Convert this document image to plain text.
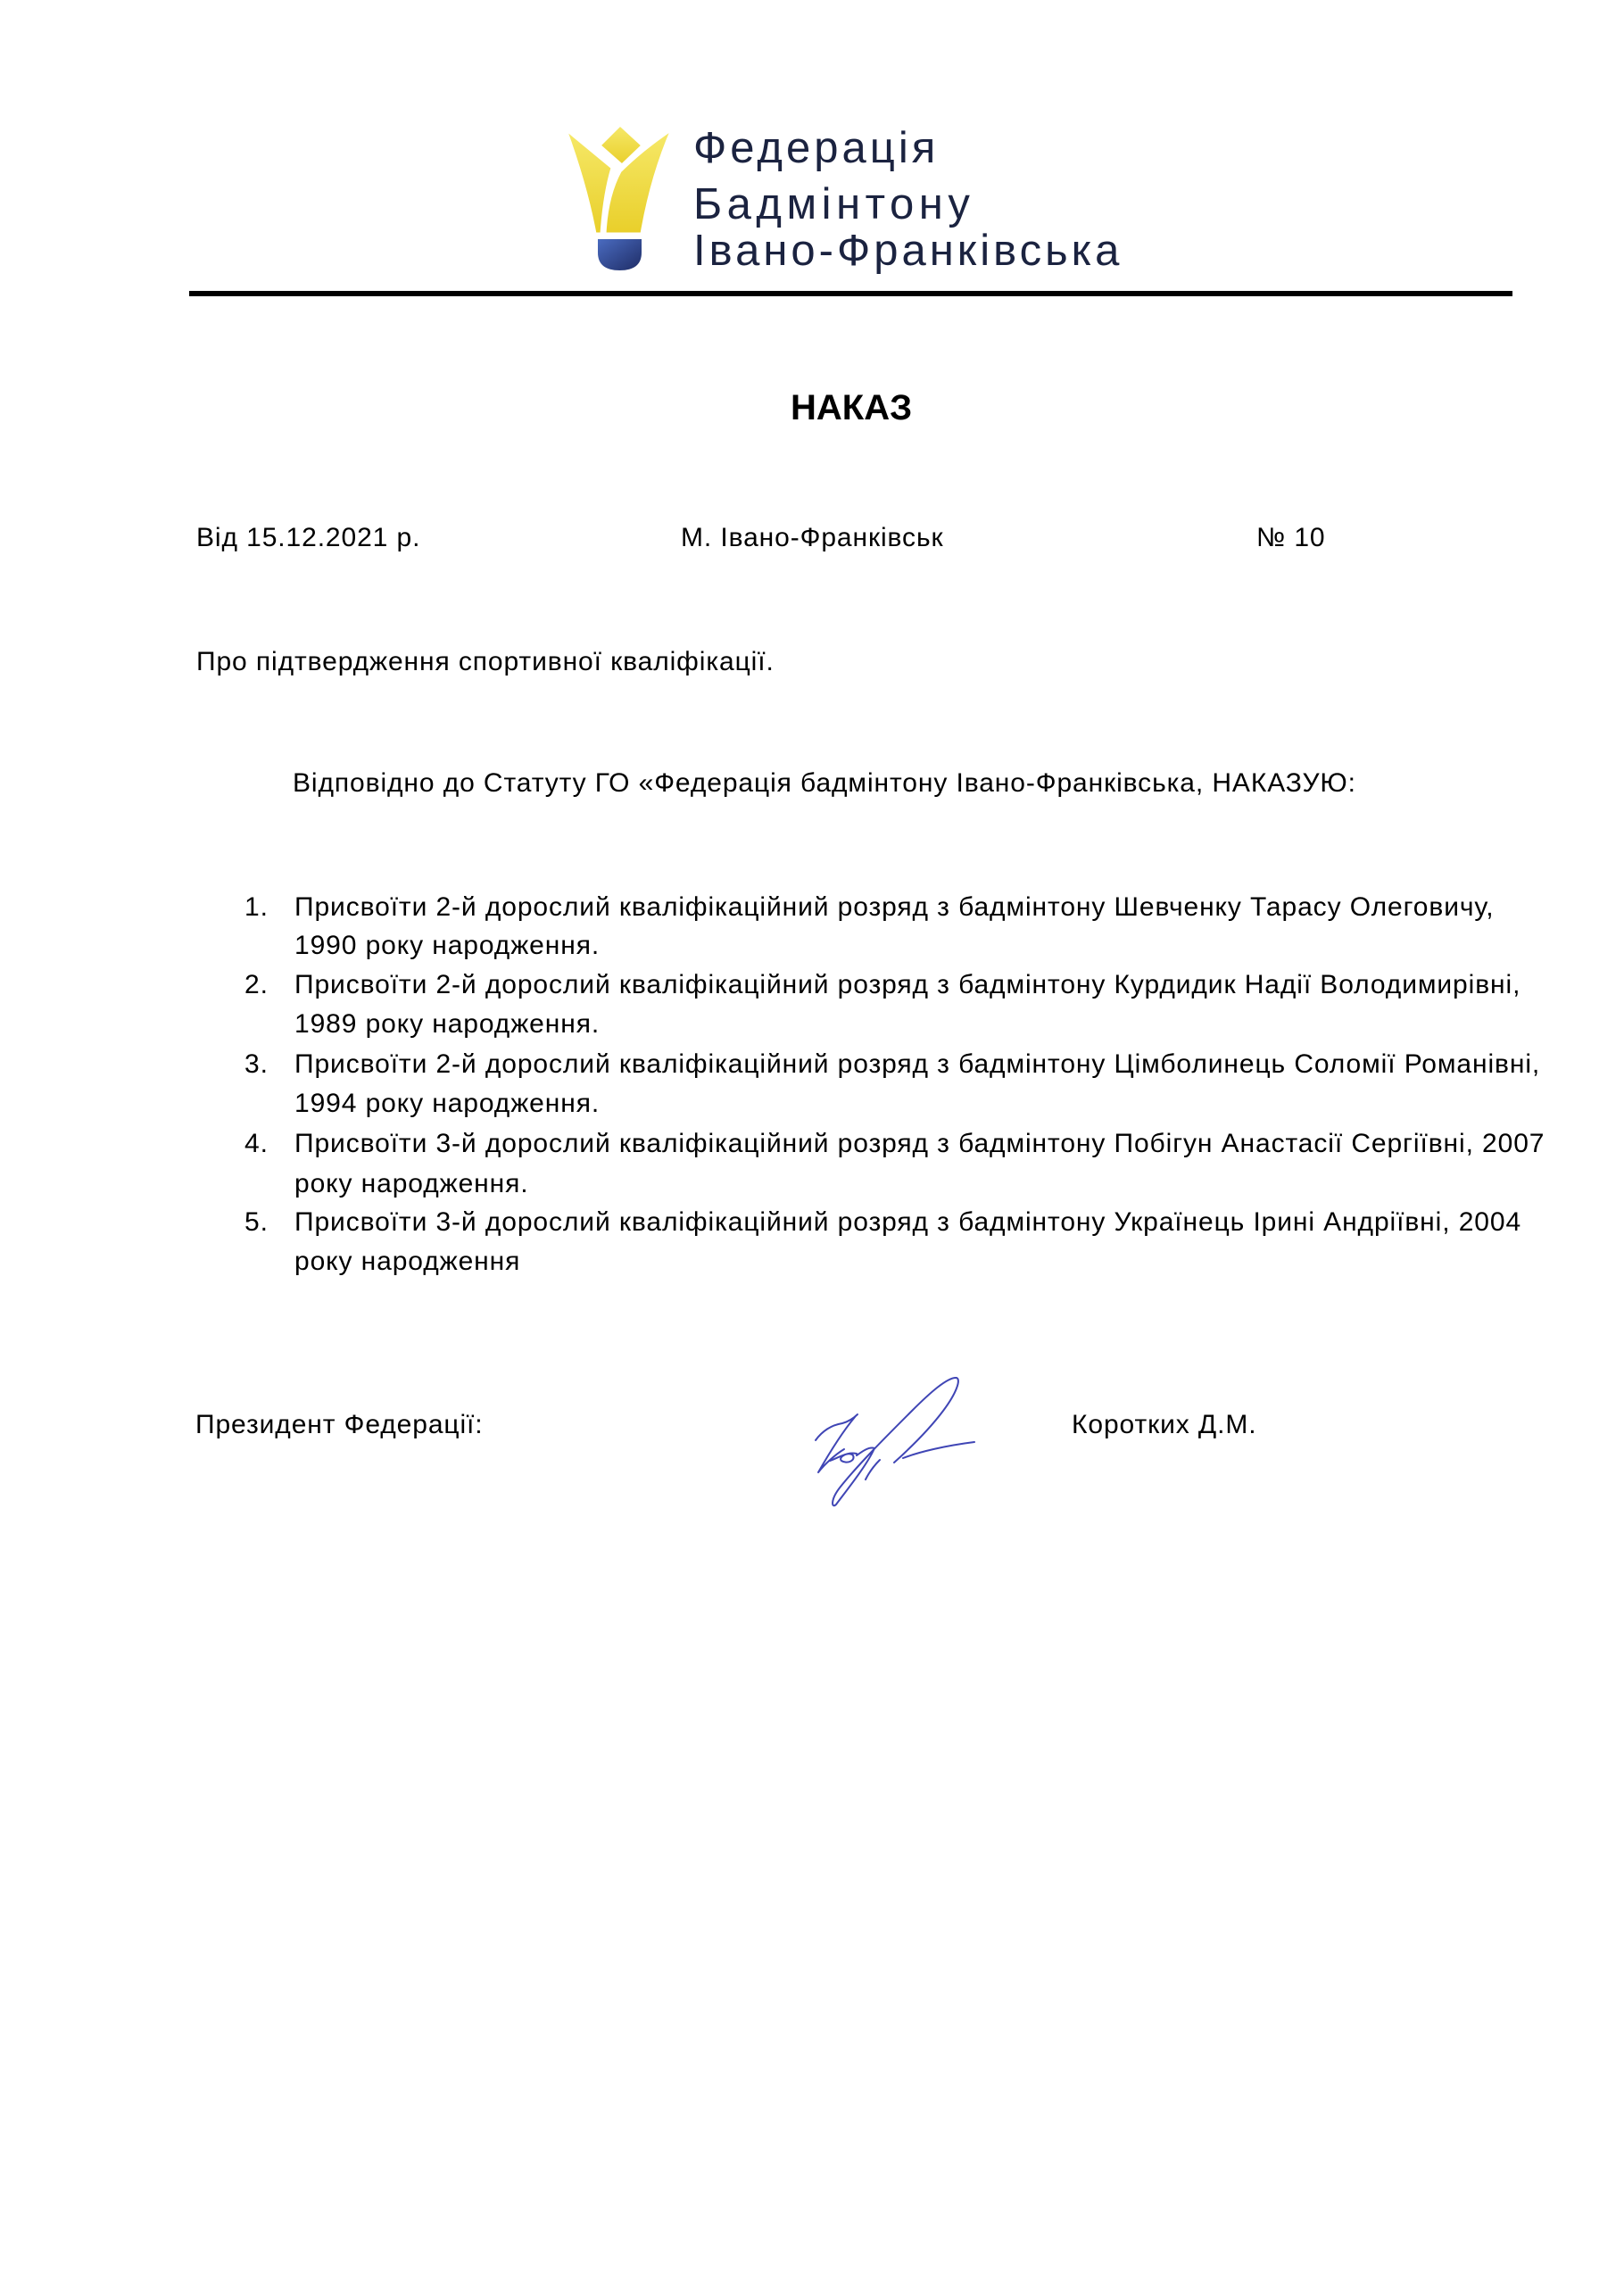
Федерація
Бадмінтону
Івано-Франківська
НАКАЗ
Від 15.12.2021 р.	М. Івано-Франківськ	№ 10
Про підтвердження спортивної кваліфікації.
Відповідно до Статуту ГО «Федерація бадмінтону Івано-Франківська, НАКАЗУЮ:
1. Присвоїти 2-й дорослий кваліфікаційний розряд з бадмінтону Шевченку Тарасу Олеговичу,
1990 року народження.
2. Присвоїти 2-й дорослий кваліфікаційний розряд з бадмінтону Курдидик Надії Володимирівні,
1989 року народження.
3. Присвоїти 2-й дорослий кваліфікаційний розряд з бадмінтону Цімболинець Соломії Романівні,
1994 року народження.
4. Присвоїти 3-й дорослий кваліфікаційний розряд з бадмінтону Побігун Анастасії Сергіївні, 2007
року народження.
5. Присвоїти 3-й дорослий кваліфікаційний розряд з бадмінтону Українець Ірині Андріївні, 2004
року народження
Президент Федерації:	Коротких Д.М.
